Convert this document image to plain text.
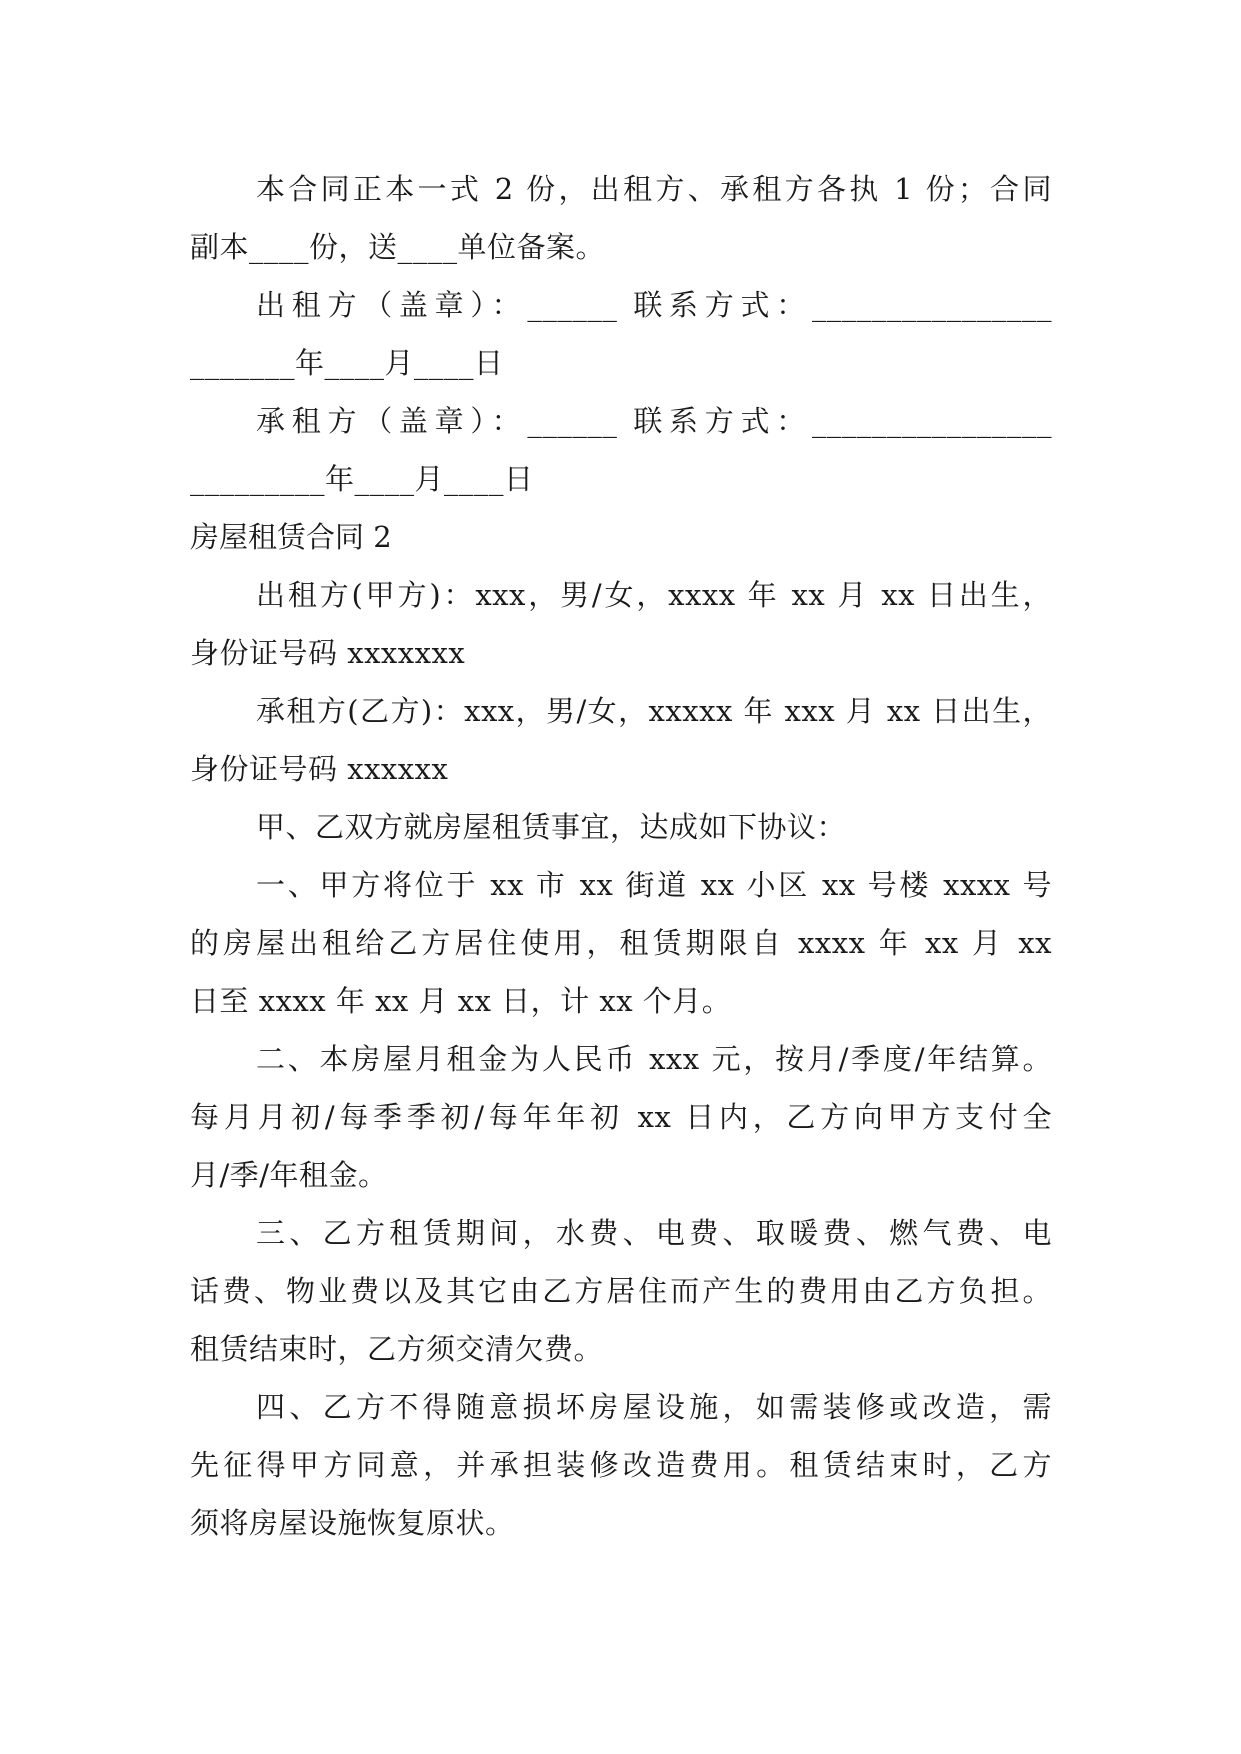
本合同正本一式 2 份，出租方、承租方各执 1 份；合同
副本____份，送____单位备案。
出租方（盖章）：______ 联系方式：________________
_______年____月____日
承租方（盖章）：______ 联系方式：________________
_________年____月____日
房屋租赁合同 2
出租方(甲方)：xxx，男/女，xxxx 年 xx 月 xx 日出生，
身份证号码 xxxxxxx
承租方(乙方)：xxx，男/女，xxxxx 年 xxx 月 xx 日出生，
身份证号码 xxxxxx
甲、乙双方就房屋租赁事宜，达成如下协议：
一、甲方将位于 xx 市 xx 街道 xx 小区 xx 号楼 xxxx 号
的房屋出租给乙方居住使用，租赁期限自 xxxx 年 xx 月 xx
日至 xxxx 年 xx 月 xx 日，计 xx 个月。
二、本房屋月租金为人民币 xxx 元，按月/季度/年结算。
每月月初/每季季初/每年年初 xx 日内，乙方向甲方支付全
月/季/年租金。
三、乙方租赁期间，水费、电费、取暖费、燃气费、电
话费、物业费以及其它由乙方居住而产生的费用由乙方负担。
租赁结束时，乙方须交清欠费。
四、乙方不得随意损坏房屋设施，如需装修或改造，需
先征得甲方同意，并承担装修改造费用。租赁结束时，乙方
须将房屋设施恢复原状。
